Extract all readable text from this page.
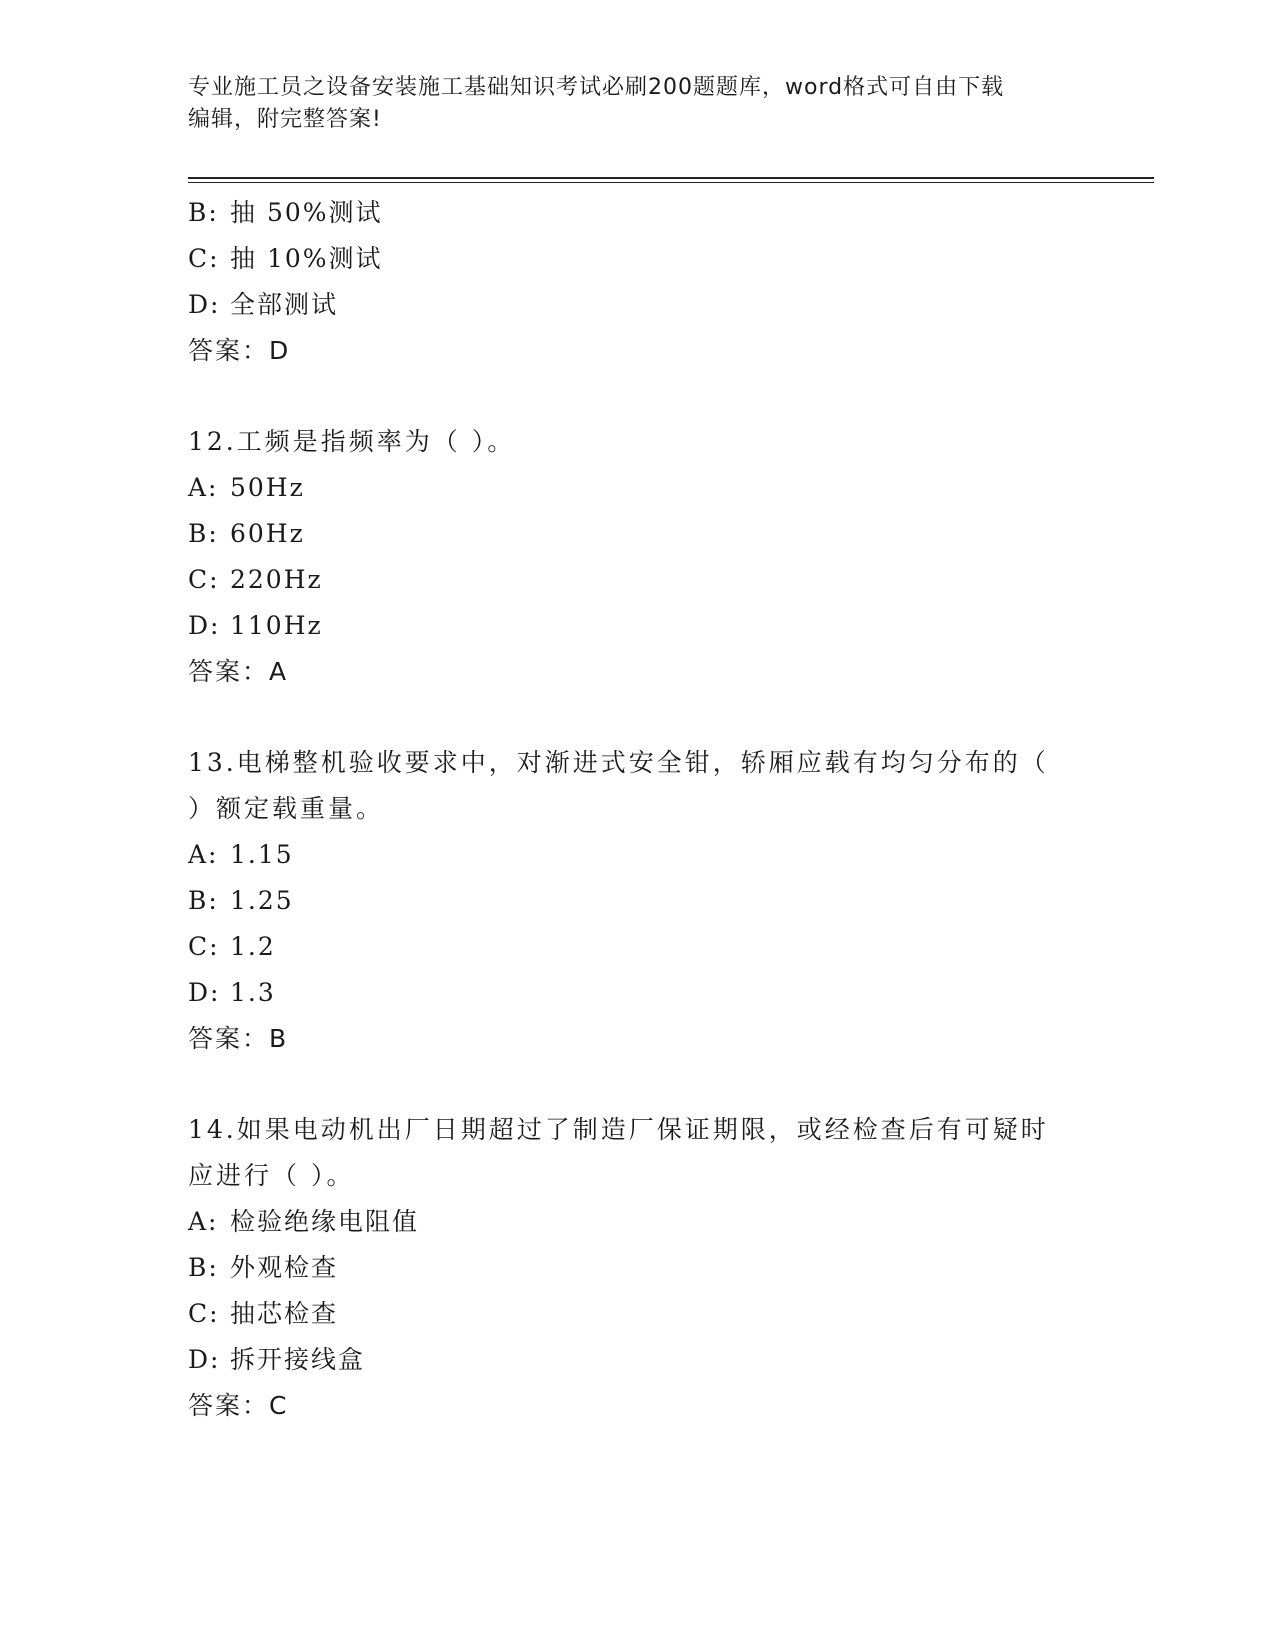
专业施工员之设备安装施工基础知识考试必刷200题题库，word格式可自由下载
编辑，附完整答案!
B: 抽 50%测试
C: 抽 10%测试
D: 全部测试
答案：D
12.工频是指频率为（ ）。
A: 50Hz
B: 60Hz
C: 220Hz
D: 110Hz
答案：A
13.电梯整机验收要求中，对渐进式安全钳，轿厢应载有均匀分布的（
）额定载重量。
A: 1.15
B: 1.25
C: 1.2
D: 1.3
答案：B
14.如果电动机出厂日期超过了制造厂保证期限，或经检查后有可疑时
应进行（ ）。
A: 检验绝缘电阻值
B: 外观检查
C: 抽芯检查
D: 拆开接线盒
答案：C
